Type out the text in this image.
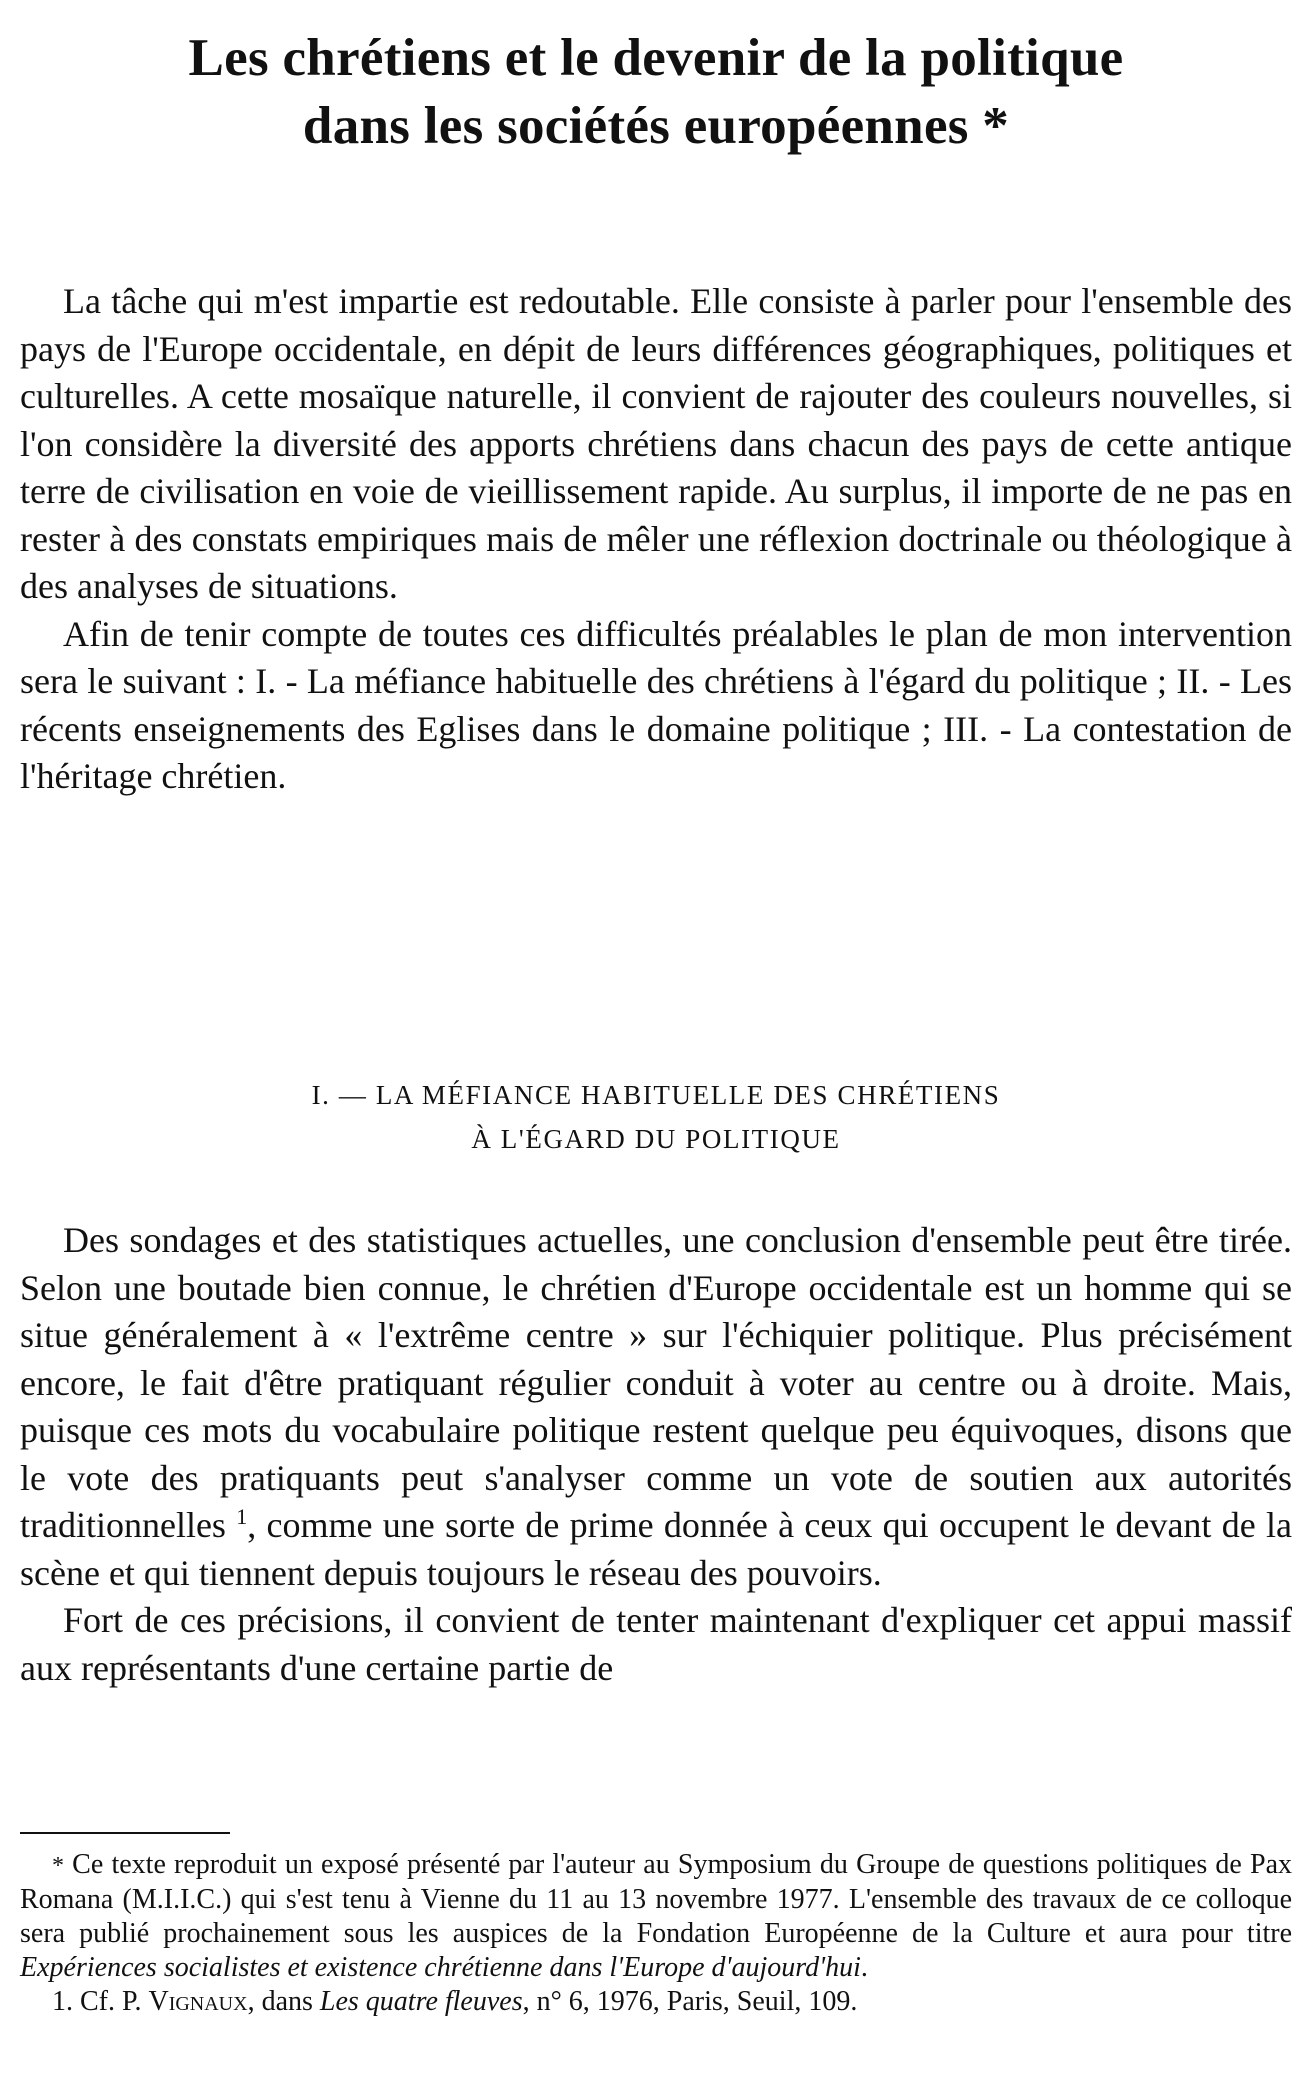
Les chrétiens et le devenir de la politique
dans les sociétés européennes *

La tâche qui m'est impartie est redoutable. Elle consiste à parler pour l'ensemble des pays de l'Europe occidentale, en dépit de leurs différences géographiques, politiques et culturelles. A cette mosaïque naturelle, il convient de rajouter des couleurs nouvelles, si l'on considère la diversité des apports chrétiens dans chacun des pays de cette antique terre de civilisation en voie de vieillissement rapide. Au surplus, il importe de ne pas en rester à des constats empiriques mais de mêler une réflexion doctrinale ou théologique à des analyses de situations.

Afin de tenir compte de toutes ces difficultés préalables le plan de mon intervention sera le suivant : I. - La méfiance habituelle des chrétiens à l'égard du politique ; II. - Les récents enseignements des Eglises dans le domaine politique ; III. - La contestation de l'héritage chrétien.

I. — LA MÉFIANCE HABITUELLE DES CHRÉTIENS
À L'ÉGARD DU POLITIQUE

Des sondages et des statistiques actuelles, une conclusion d'ensemble peut être tirée. Selon une boutade bien connue, le chrétien d'Europe occidentale est un homme qui se situe généralement à « l'extrême centre » sur l'échiquier politique. Plus précisément encore, le fait d'être pratiquant régulier conduit à voter au centre ou à droite. Mais, puisque ces mots du vocabulaire politique restent quelque peu équivoques, disons que le vote des pratiquants peut s'analyser comme un vote de soutien aux autorités traditionnelles $^1$, comme une sorte de prime donnée à ceux qui occupent le devant de la scène et qui tiennent depuis toujours le réseau des pouvoirs.

Fort de ces précisions, il convient de tenter maintenant d'expliquer cet appui massif aux représentants d'une certaine partie de

* Ce texte reproduit un exposé présenté par l'auteur au Symposium du Groupe de questions politiques de Pax Romana (M.I.I.C.) qui s'est tenu à Vienne du 11 au 13 novembre 1977. L'ensemble des travaux de ce colloque sera publié prochainement sous les auspices de la Fondation Européenne de la Culture et aura pour titre Expériences socialistes et existence chrétienne dans l'Europe d'aujourd'hui.

1. Cf. P. Vignaux, dans Les quatre fleuves, n° 6, 1976, Paris, Seuil, 109.
